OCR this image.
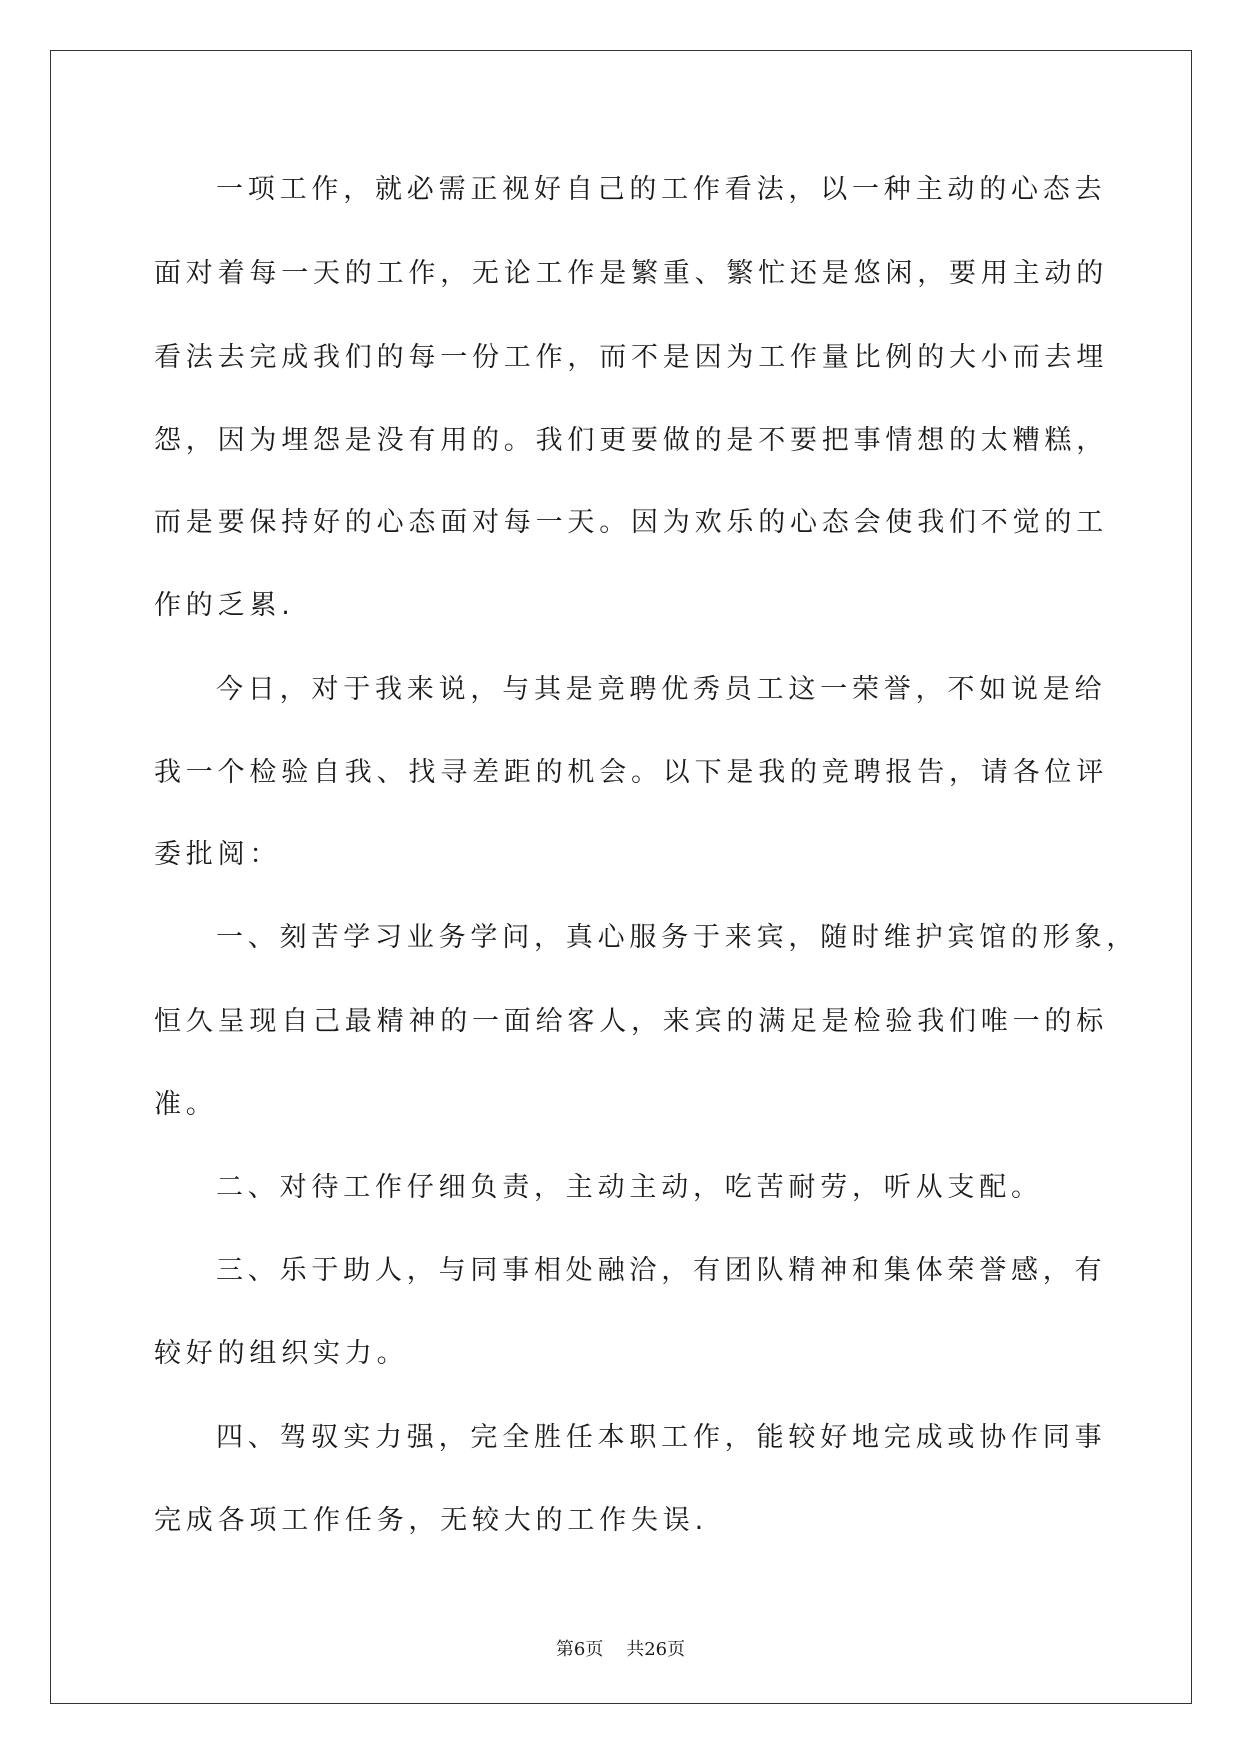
一项工作，就必需正视好自己的工作看法，以一种主动的心态去

面对着每一天的工作，无论工作是繁重、繁忙还是悠闲，要用主动的

看法去完成我们的每一份工作，而不是因为工作量比例的大小而去埋

怨，因为埋怨是没有用的。我们更要做的是不要把事情想的太糟糕，

而是要保持好的心态面对每一天。因为欢乐的心态会使我们不觉的工

作的乏累.

今日，对于我来说，与其是竞聘优秀员工这一荣誉，不如说是给

我一个检验自我、找寻差距的机会。以下是我的竞聘报告，请各位评

委批阅：

一、刻苦学习业务学问，真心服务于来宾，随时维护宾馆的形象，

恒久呈现自己最精神的一面给客人，来宾的满足是检验我们唯一的标

准。

二、对待工作仔细负责，主动主动，吃苦耐劳，听从支配。

三、乐于助人，与同事相处融洽，有团队精神和集体荣誉感，有

较好的组织实力。

四、驾驭实力强，完全胜任本职工作，能较好地完成或协作同事

完成各项工作任务，无较大的工作失误.

第6页 共26页
